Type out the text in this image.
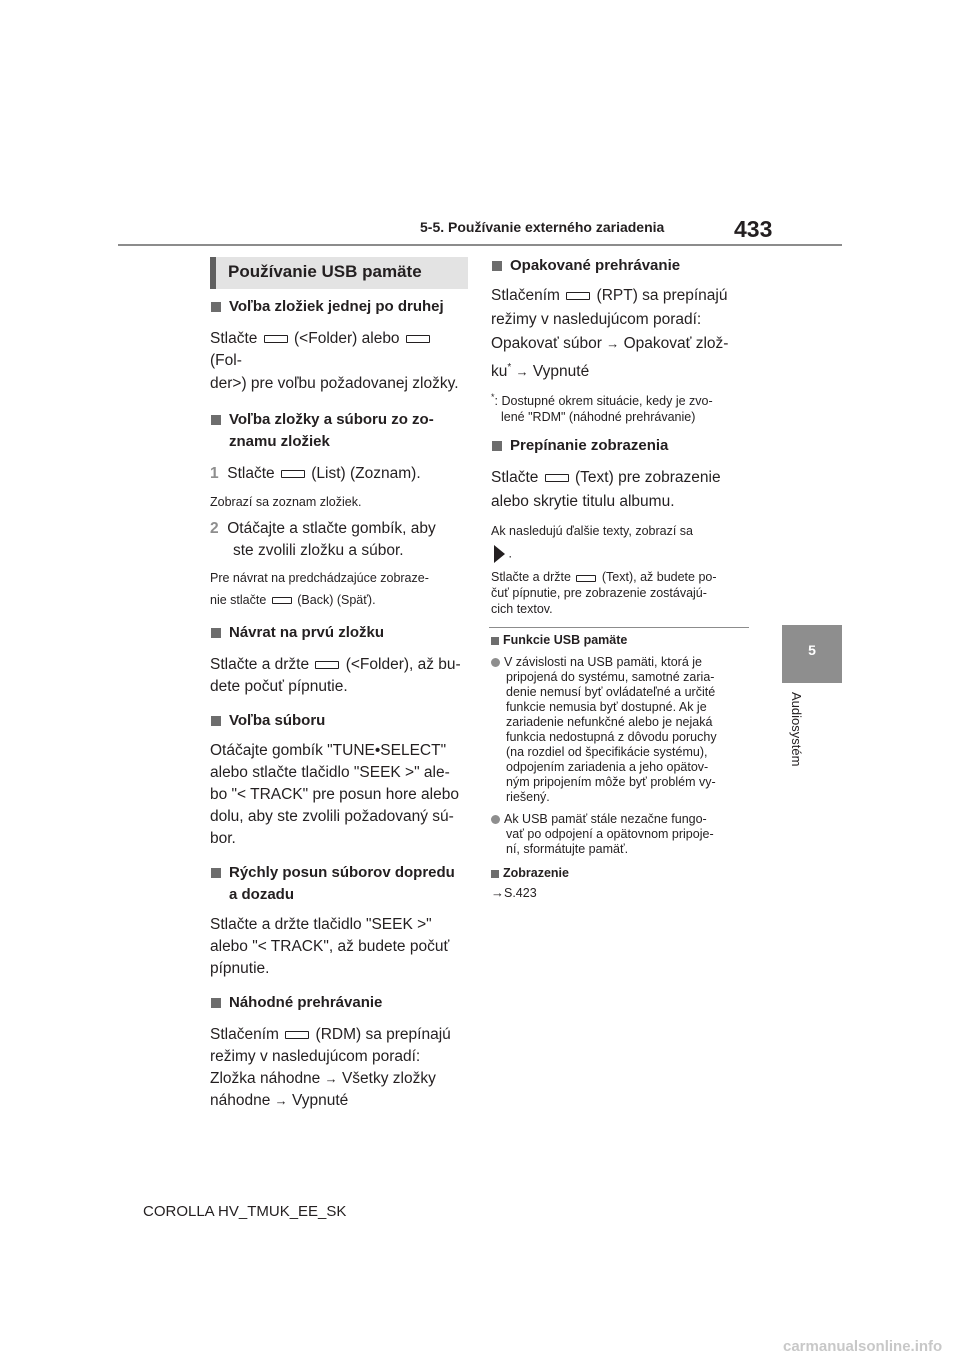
5-5. Používanie externého zariadenia	433
5
Audiosystém
Používanie USB pamäte
Voľba zložiek jednej po druhej
Stlačte (<Folder) alebo  (Fol-
der>) pre voľbu požadovanej zložky.
Voľba zložky a súboru zo zo-
znamu zložiek
1 Stlačte (List) (Zoznam).
Zobrazí sa zoznam zložiek.
2 Otáčajte a stlačte gombík, aby
ste zvolili zložku a súbor.
Pre návrat na predchádzajúce zobraze-
nie stlačte (Back) (Späť).
Návrat na prvú zložku
Stlačte a držte (<Folder), až bu-
dete počuť pípnutie.
Voľba súboru
Otáčajte gombík "TUNE•SELECT"
alebo stlačte tlačidlo "SEEK >" ale-
bo "< TRACK" pre posun hore alebo
dolu, aby ste zvolili požadovaný sú-
bor.
Rýchly posun súborov dopredu
a dozadu
Stlačte a držte tlačidlo "SEEK >"
alebo "< TRACK", až budete počuť
pípnutie.
Náhodné prehrávanie
Stlačením (RDM) sa prepínajú
režimy v nasledujúcom poradí:
Zložka náhodne → Všetky zložky
náhodne → Vypnuté
Opakované prehrávanie
Stlačením (RPT) sa prepínajú
režimy v nasledujúcom poradí:
Opakovať súbor → Opakovať zlož-
ku* → Vypnuté
*: Dostupné okrem situácie, kedy je zvo-
lené "RDM" (náhodné prehrávanie)
Prepínanie zobrazenia
Stlačte (Text) pre zobrazenie
alebo skrytie titulu albumu.
Ak nasledujú ďalšie texty, zobrazí sa
.
Stlačte a držte (Text), až budete po-
čuť pípnutie, pre zobrazenie zostávajú-
cich textov.
Funkcie USB pamäte
V závislosti na USB pamäti, ktorá je
pripojená do systému, samotné zaria-
denie nemusí byť ovládateľné a určité
funkcie nemusia byť dostupné. Ak je
zariadenie nefunkčné alebo je nejaká
funkcia nedostupná z dôvodu poruchy
(na rozdiel od špecifikácie systému),
odpojením zariadenia a jeho opätov-
ným pripojením môže byť problém vy-
riešený.
Ak USB pamäť stále nezačne fungo-
vať po odpojení a opätovnom pripoje-
ní, sformátujte pamäť.
Zobrazenie
→S.423
COROLLA HV_TMUK_EE_SK
carmanualsonline.info
